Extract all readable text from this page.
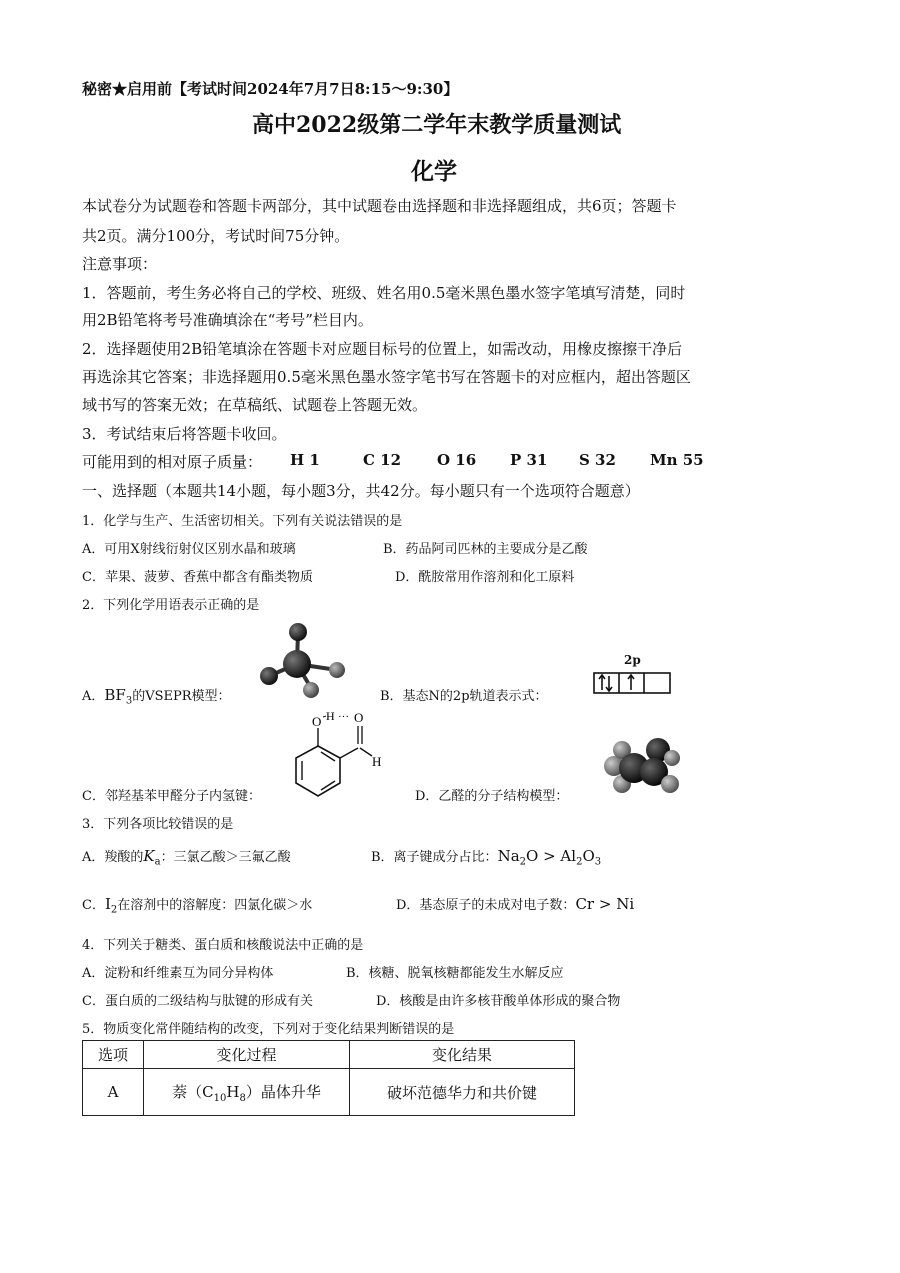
秘密★启用前【考试时间2024年7月7日8:15～9:30】
高中2022级第二学年末教学质量测试
化学
本试卷分为试题卷和答题卡两部分，其中试题卷由选择题和非选择题组成，共6页；答题卡
共2页。满分100分，考试时间75分钟。
注意事项：
1．答题前，考生务必将自己的学校、班级、姓名用0.5毫米黑色墨水签字笔填写清楚，同时
用2B铅笔将考号准确填涂在“考号”栏目内。
2．选择题使用2B铅笔填涂在答题卡对应题目标号的位置上，如需改动，用橡皮擦擦干净后
再选涂其它答案；非选择题用0.5毫米黑色墨水签字笔书写在答题卡的对应框内，超出答题区
域书写的答案无效；在草稿纸、试题卷上答题无效。
3．考试结束后将答题卡收回。
可能用到的相对原子质量： H 1	C 12 O 16 P 31 S 32 Mn 55
一、选择题（本题共14小题，每小题3分，共42分。每小题只有一个选项符合题意）
1．化学与生产、生活密切相关。下列有关说法错误的是
A．可用X射线衍射仪区别水晶和玻璃	B．药品阿司匹林的主要成分是乙酸
C．苹果、菠萝、香蕉中都含有酯类物质	D．酰胺常用作溶剂和化工原料
2．下列化学用语表示正确的是
A．$BF_3$的VSEPR模型：	B．基态N的2p轨道表示式：
2p
O H ··· O
H
C．邻羟基苯甲醛分子内氢键：	D．乙醛的分子结构模型：
3．下列各项比较错误的是
A．羧酸的$K_a$：三氯乙酸＞三氟乙酸	B．离子键成分占比：$Na_2O > Al_2O_3$
C．$I_2$在溶剂中的溶解度：四氯化碳＞水	D．基态原子的未成对电子数：Cr > Ni
4．下列关于糖类、蛋白质和核酸说法中正确的是
A．淀粉和纤维素互为同分异构体	B．核糖、脱氧核糖都能发生水解反应
C．蛋白质的二级结构与肽键的形成有关	D．核酸是由许多核苷酸单体形成的聚合物
5．物质变化常伴随结构的改变，下列对于变化结果判断错误的是
选项	变化过程	变化结果
A	萘$(C_{10}H_8)$晶体升华	破坏范德华力和共价键
